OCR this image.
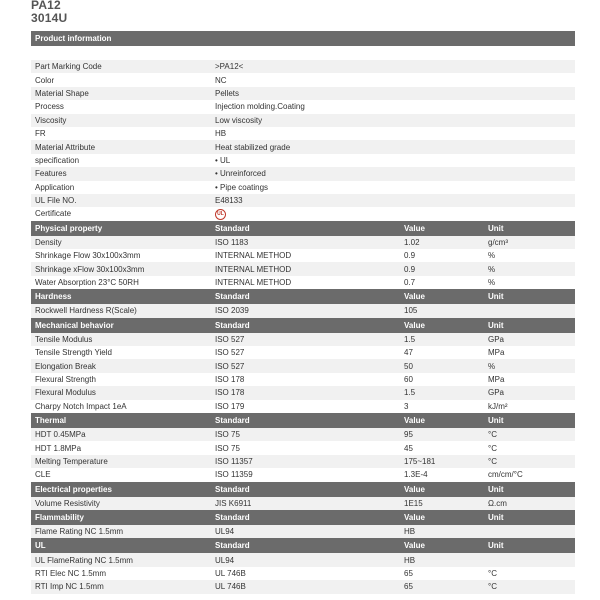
PA12
3014U
Product information
Part Marking Code	>PA12<
Color	NC
Material Shape	Pellets
Process	Injection molding.Coating
Viscosity	Low viscosity
FR	HB
Material Attribute	Heat stabilized grade
specification	• UL
Features	• Unreinforced
Application	• Pipe coatings
UL File NO.	E48133
Certificate	UL
Physical property	Standard	Value	Unit
Density	ISO 1183	1.02	g/cm³
Shrinkage Flow 30x100x3mm	INTERNAL METHOD	0.9	%
Shrinkage xFlow 30x100x3mm	INTERNAL METHOD	0.9	%
Water Absorption 23°C 50RH	INTERNAL METHOD	0.7	%
Hardness	Standard	Value	Unit
Rockwell Hardness R(Scale)	ISO 2039	105
Mechanical behavior	Standard	Value	Unit
Tensile Modulus	ISO 527	1.5	GPa
Tensile Strength Yield	ISO 527	47	MPa
Elongation Break	ISO 527	50	%
Flexural Strength	ISO 178	60	MPa
Flexural Modulus	ISO 178	1.5	GPa
Charpy Notch Impact 1eA	ISO 179	3	kJ/m²
Thermal	Standard	Value	Unit
HDT 0.45MPa	ISO 75	95	°C
HDT 1.8MPa	ISO 75	45	°C
Melting Temperature	ISO 11357	175~181	°C
CLE	ISO 11359	1.3E-4	cm/cm/°C
Electrical properties	Standard	Value	Unit
Volume Resistivity	JIS K6911	1E15	Ω.cm
Flammability	Standard	Value	Unit
Flame Rating NC 1.5mm	UL94	HB
UL	Standard	Value	Unit
UL FlameRating NC 1.5mm	UL94	HB
RTI Elec NC 1.5mm	UL 746B	65	°C
RTI Imp NC 1.5mm	UL 746B	65	°C
